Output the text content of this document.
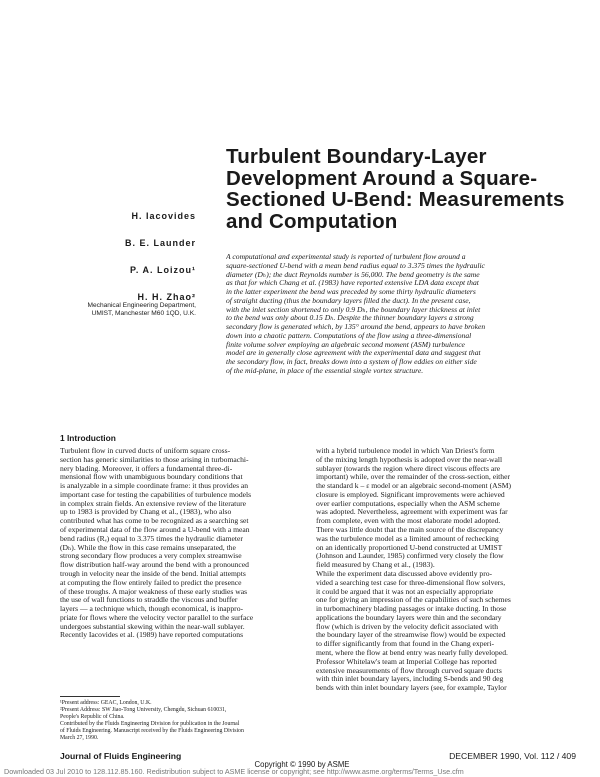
Turbulent Boundary-Layer
Development Around a Square-
Sectioned U-Bend: Measurements
and Computation
H. Iacovides
B. E. Launder
P. A. Loizou¹
H. H. Zhao²
Mechanical Engineering Department,
UMIST, Manchester M60 1QD, U.K.
A computational and experimental study is reported of turbulent flow around a
square-sectioned U-bend with a mean bend radius equal to 3.375 times the hydraulic
diameter (Dₕ); the duct Reynolds number is 56,000. The bend geometry is the same
as that for which Chang et al. (1983) have reported extensive LDA data except that
in the latter experiment the bend was preceded by some thirty hydraulic diameters
of straight ducting (thus the boundary layers filled the duct). In the present case,
with the inlet section shortened to only 0.9 Dₕ, the boundary layer thickness at inlet
to the bend was only about 0.15 Dₕ. Despite the thinner boundary layers a strong
secondary flow is generated which, by 135° around the bend, appears to have broken
down into a chaotic pattern. Computations of the flow using a three-dimensional
finite volume solver employing an algebraic second moment (ASM) turbulence
model are in generally close agreement with the experimental data and suggest that
the secondary flow, in fact, breaks down into a system of flow eddies on either side
of the mid-plane, in place of the essential single vortex structure.
1 Introduction
Turbulent flow in curved ducts of uniform square cross-
section has generic similarities to those arising in turbomachi-
nery blading. Moreover, it offers a fundamental three-di-
mensional flow with unambiguous boundary conditions that
is analyzable in a simple coordinate frame: it thus provides an
important case for testing the capabilities of turbulence models
in complex strain fields. An extensive review of the literature
up to 1983 is provided by Chang et al., (1983), who also
contributed what has come to be recognized as a searching set
of experimental data of the flow around a U-bend with a mean
bend radius (Rₑ) equal to 3.375 times the hydraulic diameter
(Dₕ). While the flow in this case remains unseparated, the
strong secondary flow produces a very complex streamwise
flow distribution half-way around the bend with a pronounced
trough in velocity near the inside of the bend. Initial attempts
at computing the flow entirely failed to predict the presence
of these troughs. A major weakness of these early studies was
the use of wall functions to straddle the viscous and buffer
layers — a technique which, though economical, is inappro-
priate for flows where the velocity vector parallel to the surface
undergoes substantial skewing within the near-wall sublayer.
Recently Iacovides et al. (1989) have reported computations
with a hybrid turbulence model in which Van Driest's form
of the mixing length hypothesis is adopted over the near-wall
sublayer (towards the region where direct viscous effects are
important) while, over the remainder of the cross-section, either
the standard k – ε model or an algebraic second-moment (ASM)
closure is employed. Significant improvements were achieved
over earlier computations, especially when the ASM scheme
was adopted. Nevertheless, agreement with experiment was far
from complete, even with the most elaborate model adopted.
There was little doubt that the main source of the discrepancy
was the turbulence model as a limited amount of rechecking
on an identically proportioned U-bend constructed at UMIST
(Johnson and Launder, 1985) confirmed very closely the flow
field measured by Chang et al., (1983).
While the experiment data discussed above evidently pro-
vided a searching test case for three-dimensional flow solvers,
it could be argued that it was not an especially appropriate
one for giving an impression of the capabilities of such schemes
in turbomachinery blading passages or intake ducting. In those
applications the boundary layers were thin and the secondary
flow (which is driven by the velocity deficit associated with
the boundary layer of the streamwise flow) would be expected
to differ significantly from that found in the Chang experi-
ment, where the flow at bend entry was nearly fully developed.
Professor Whitelaw's team at Imperial College has reported
extensive measurements of flow through curved square ducts
with thin inlet boundary layers, including S-bends and 90 deg
bends with thin inlet boundary layers (see, for example, Taylor
¹Present address: GEAC, London, U.K.
²Present Address: SW Jiao-Tong University, Chengdu, Sichuan 610031,
People's Republic of China.
Contributed by the Fluids Engineering Division for publication in the Journal
of Fluids Engineering. Manuscript received by the Fluids Engineering Division
March 27, 1990.
Journal of Fluids Engineering	DECEMBER 1990, Vol. 112 / 409
Copyright © 1990 by ASME
Downloaded 03 Jul 2010 to 128.112.85.160. Redistribution subject to ASME license or copyright; see http://www.asme.org/terms/Terms_Use.cfm
